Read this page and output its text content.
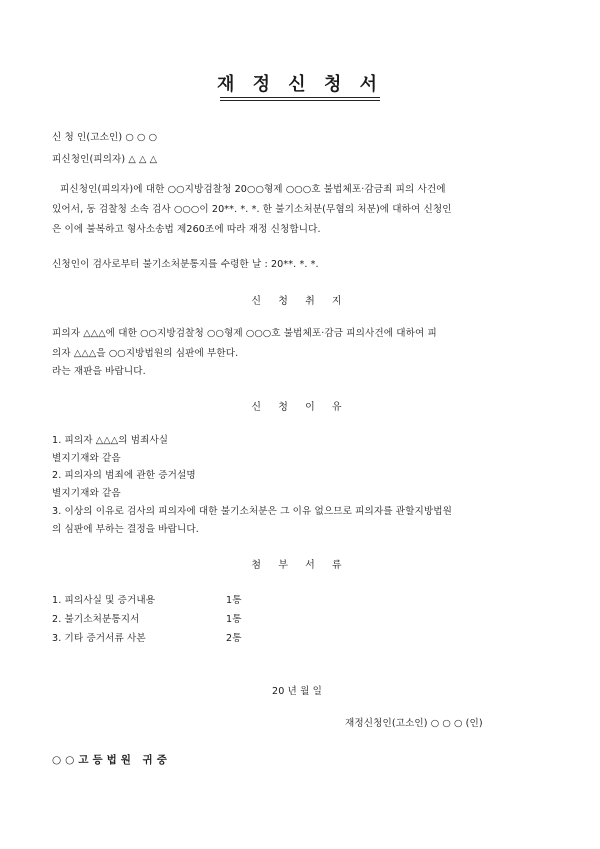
재 정 신 청 서
신 청 인(고소인) ○ ○ ○
피신청인(피의자) △ △ △
피신청인(피의자)에 대한 ○○지방검찰청 20○○형제 ○○○호 불법체포·감금죄 피의 사건에
있어서, 동 검찰청 소속 검사 ○○○이 20**. *. *. 한 불기소처분(무혐의 처분)에 대하여 신청인
은 이에 불복하고 형사소송법 제260조에 따라 재정 신청합니다.
신청인이 검사로부터 불기소처분통지를 수령한 날 : 20**. *. *.
신 청 취 지
피의자 △△△에 대한 ○○지방검찰청 ○○형제 ○○○호 불법체포·감금 피의사건에 대하여 피
의자 △△△을 ○○지방법원의 심판에 부한다.
라는 재판을 바랍니다.
신 청 이 유
1. 피의자 △△△의 범죄사실
별지기재와 같음
2. 피의자의 범죄에 관한 증거설명
별지기재와 같음
3. 이상의 이유로 검사의 피의자에 대한 불기소처분은 그 이유 없으므로 피의자를 관할지방법원
의 심판에 부하는 결정을 바랍니다.
첨 부 서 류
1. 피의사실 및 증거내용	1통
2. 불기소처분통지서	1통
3. 기타 증거서류 사본	2통
20 년 월 일
재정신청인(고소인) ○ ○ ○ (인)
○○고등법원 귀중
